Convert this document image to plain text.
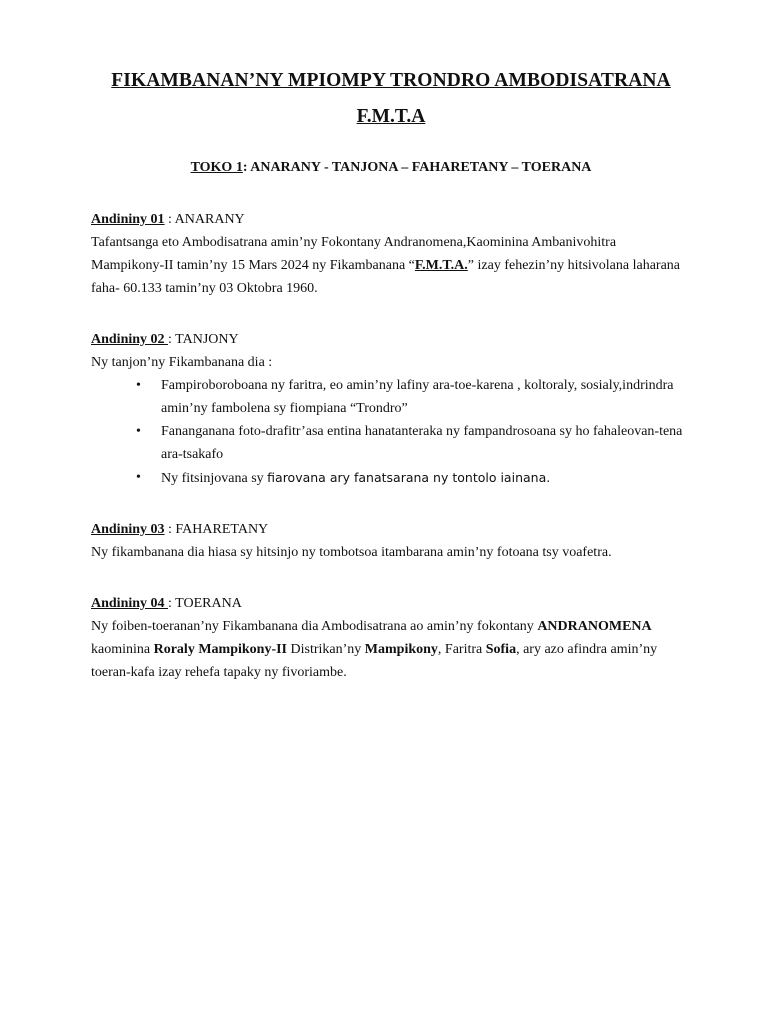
FIKAMBANAN’NY MPIOMPY TRONDRO AMBODISATRANA

F.M.T.A

TOKO 1: ANARANY - TANJONA – FAHARETANY – TOERANA

Andininy 01 : ANARANY

Tafantsanga eto Ambodisatrana amin’ny Fokontany Andranomena,Kaominina Ambanivohitra Mampikony-II tamin’ny 15 Mars 2024 ny Fikambanana “F.M.T.A.” izay fehezin’ny hitsivolana laharana faha- 60.133 tamin’ny 03 Oktobra 1960.

Andininy 02 : TANJONY

Ny tanjon’ny Fikambanana dia :

• Fampiroboroboana ny faritra, eo amin’ny lafiny ara-toe-karena , koltoraly, sosialy,indrindra amin’ny fambolena sy fiompiana “Trondro”
• Fananganana foto-drafitr’asa entina hanatanteraka ny fampandrosoana sy ho fahaleovan-tena ara-tsakafo
• Ny fitsinjovana sy fiarovana ary fanatsarana ny tontolo iainana.

Andininy 03 : FAHARETANY

Ny fikambanana dia hiasa sy hitsinjo ny tombotsoa itambarana amin’ny fotoana tsy voafetra.

Andininy 04 : TOERANA

Ny foiben-toeranan’ny Fikambanana dia Ambodisatrana ao amin’ny fokontany ANDRANOMENA kaominina Roraly Mampikony-II Distrikan’ny Mampikony, Faritra Sofia, ary azo afindra amin’ny toeran-kafa izay rehefa tapaky ny fivoriambe.
